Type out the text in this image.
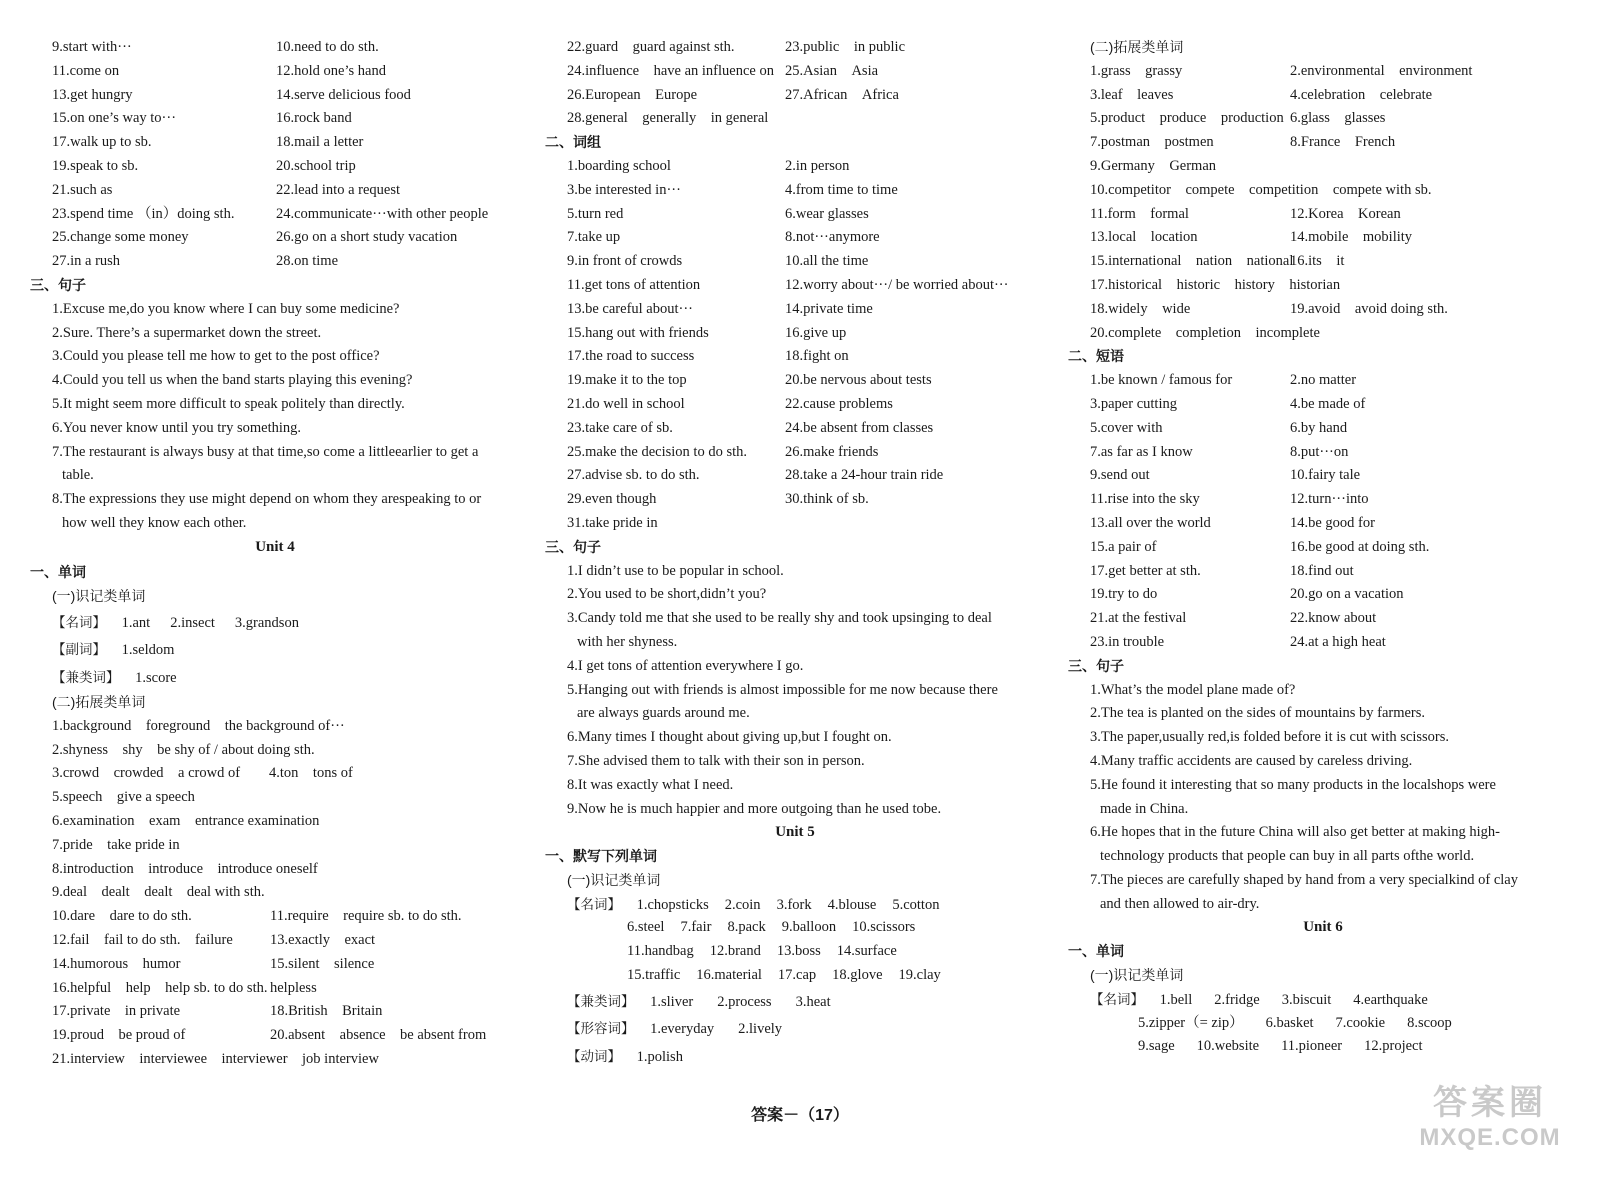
9.start with···	10.need to do sth.
11.come on	12.hold one’s hand
13.get hungry	14.serve delicious food
15.on one’s way to···	16.rock band
17.walk up to sb.	18.mail a letter
19.speak to sb.	20.school trip
21.such as	22.lead into a request
23.spend time （in）doing sth.	24.communicate···with other people
25.change some money	26.go on a short study vacation
27.in a rush	28.on time
三、句子
1.Excuse me,do you know where I can buy some medicine?
2.Sure. There’s a supermarket down the street.
3.Could you please tell me how to get to the post office?
4.Could you tell us when the band starts playing this evening?
5.It might seem more difficult to speak politely than directly.
6.You never know until you try something.
7.The restaurant is always busy at that time,so come a littleearlier to get a
table.
8.The expressions they use might depend on whom they arespeaking to or
how well they know each other.
Unit 4
一、单词
(一)识记类单词
【名词】 1.ant 2.insect 3.grandson
【副词】 1.seldom
【兼类词】 1.score
(二)拓展类单词
1.background　foreground　the background of···
2.shyness　shy　be shy of / about doing sth.
3.crowd　crowded　a crowd of　　4.ton　tons of
5.speech　give a speech
6.examination　exam　entrance examination
7.pride　take pride in
8.introduction　introduce　introduce oneself
9.deal　dealt　dealt　deal with sth.
10.dare　dare to do sth.	11.require　require sb. to do sth.
12.fail　fail to do sth.　failure	13.exactly　exact
14.humorous　humor	15.silent　silence
16.helpful　help　help sb. to do sth. helpless
17.private　in private	18.British　Britain
19.proud　be proud of	20.absent　absence　be absent from
21.interview　interviewee　interviewer　job interview
22.guard　guard against sth.	23.public　in public
24.influence　have an influence on 25.Asian　Asia
26.European　Europe	27.African　Africa
28.general　generally　in general
二、词组
1.boarding school	2.in person
3.be interested in···	4.from time to time
5.turn red	6.wear glasses
7.take up	8.not···anymore
9.in front of crowds	10.all the time
11.get tons of attention	12.worry about···/ be worried about···
13.be careful about···	14.private time
15.hang out with friends	16.give up
17.the road to success	18.fight on
19.make it to the top	20.be nervous about tests
21.do well in school	22.cause problems
23.take care of sb.	24.be absent from classes
25.make the decision to do sth.	26.make friends
27.advise sb. to do sth.	28.take a 24-hour train ride
29.even though	30.think of sb.
31.take pride in
三、句子
1.I didn’t use to be popular in school.
2.You used to be short,didn’t you?
3.Candy told me that she used to be really shy and took upsinging to deal
with her shyness.
4.I get tons of attention everywhere I go.
5.Hanging out with friends is almost impossible for me now because there
are always guards around me.
6.Many times I thought about giving up,but I fought on.
7.She advised them to talk with their son in person.
8.It was exactly what I need.
9.Now he is much happier and more outgoing than he used tobe.
Unit 5
一、默写下列单词
(一)识记类单词
【名词】 1.chopsticks 2.coin 3.fork 4.blouse 5.cotton
6.steel 7.fair 8.pack 9.balloon 10.scissors
11.handbag 12.brand 13.boss 14.surface
15.traffic 16.material 17.cap 18.glove 19.clay
【兼类词】 1.sliver 2.process 3.heat
【形容词】 1.everyday 2.lively
【动词】 1.polish
(二)拓展类单词
1.grass　grassy	2.environmental　environment
3.leaf　leaves	4.celebration　celebrate
5.product　produce　production 6.glass　glasses
7.postman　postmen	8.France　French
9.Germany　German
10.competitor　compete　competition　compete with sb.
11.form　formal	12.Korea　Korean
13.local　location	14.mobile　mobility
15.international　nation　national
16.its　it
17.historical　historic　history　historian
18.widely　wide	19.avoid　avoid doing sth.
20.complete　completion　incomplete
二、短语
1.be known / famous for	2.no matter
3.paper cutting	4.be made of
5.cover with	6.by hand
7.as far as I know	8.put···on
9.send out	10.fairy tale
11.rise into the sky	12.turn···into
13.all over the world	14.be good for
15.a pair of	16.be good at doing sth.
17.get better at sth.	18.find out
19.try to do	20.go on a vacation
21.at the festival	22.know about
23.in trouble	24.at a high heat
三、句子
1.What’s the model plane made of?
2.The tea is planted on the sides of mountains by farmers.
3.The paper,usually red,is folded before it is cut with scissors.
4.Many traffic accidents are caused by careless driving.
5.He found it interesting that so many products in the localshops were
made in China.
6.He hopes that in the future China will also get better at making high-
technology products that people can buy in all parts ofthe world.
7.The pieces are carefully shaped by hand from a very specialkind of clay
and then allowed to air-dry.
Unit 6
一、单词
(一)识记类单词
【名词】 1.bell 2.fridge 3.biscuit 4.earthquake
5.zipper（= zip） 6.basket 7.cookie 8.scoop
9.sage 10.website 11.pioneer 12.project
答案－（17）	答案圈
MXQE.COM
